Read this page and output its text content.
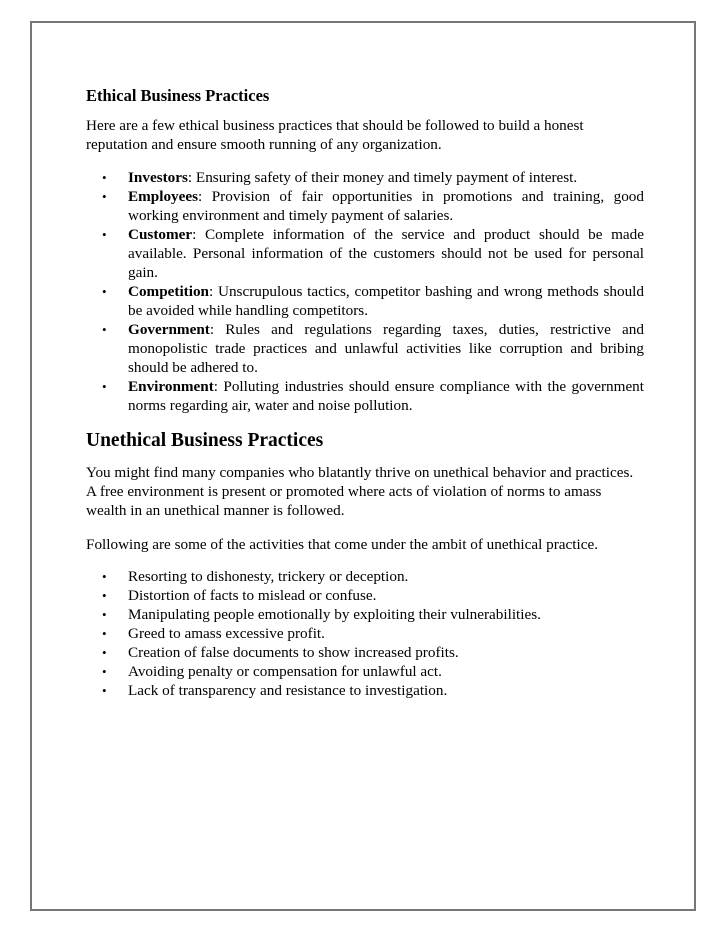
Ethical Business Practices

Here are a few ethical business practices that should be followed to build a honest reputation and ensure smooth running of any organization.

• Investors: Ensuring safety of their money and timely payment of interest.
• Employees: Provision of fair opportunities in promotions and training, good working environment and timely payment of salaries.
• Customer: Complete information of the service and product should be made available. Personal information of the customers should not be used for personal gain.
• Competition: Unscrupulous tactics, competitor bashing and wrong methods should be avoided while handling competitors.
• Government: Rules and regulations regarding taxes, duties, restrictive and monopolistic trade practices and unlawful activities like corruption and bribing should be adhered to.
• Environment: Polluting industries should ensure compliance with the government norms regarding air, water and noise pollution.
Unethical Business Practices

You might find many companies who blatantly thrive on unethical behavior and practices. A free environment is present or promoted where acts of violation of norms to amass wealth in an unethical manner is followed.

Following are some of the activities that come under the ambit of unethical practice.

• Resorting to dishonesty, trickery or deception.
• Distortion of facts to mislead or confuse.
• Manipulating people emotionally by exploiting their vulnerabilities.
• Greed to amass excessive profit.
• Creation of false documents to show increased profits.
• Avoiding penalty or compensation for unlawful act.
• Lack of transparency and resistance to investigation.
